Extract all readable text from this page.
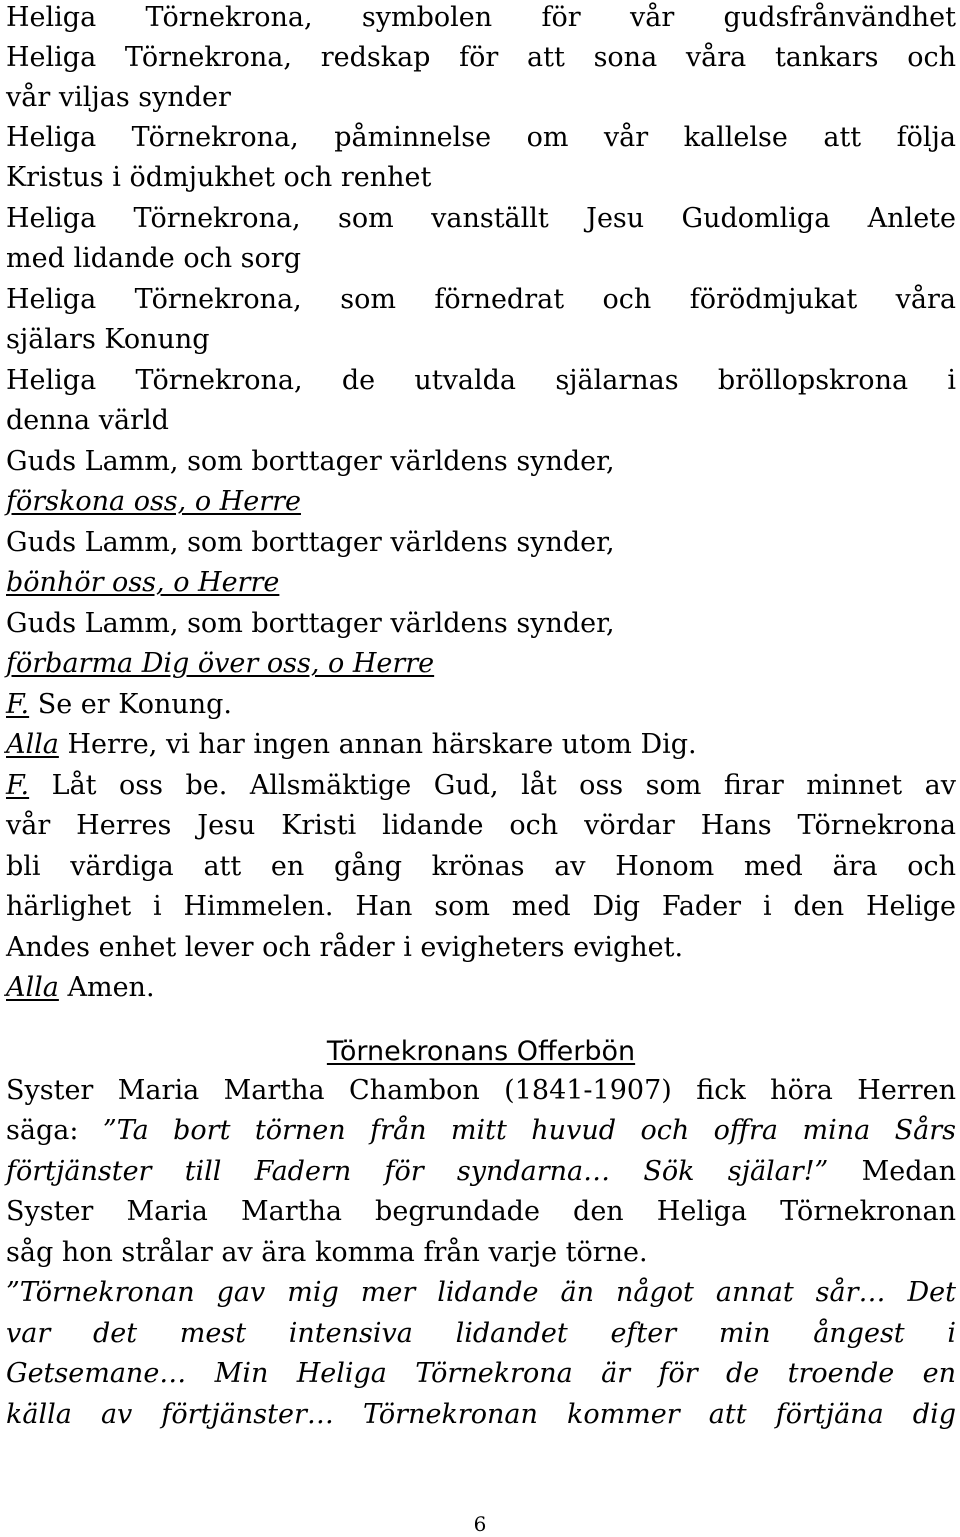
Heliga Törnekrona, symbolen för vår gudsfrånvändhet
Heliga Törnekrona, redskap för att sona våra tankars och
vår viljas synder
Heliga Törnekrona, påminnelse om vår kallelse att följa
Kristus i ödmjukhet och renhet
Heliga Törnekrona, som vanställt Jesu Gudomliga Anlete
med lidande och sorg
Heliga Törnekrona, som förnedrat och förödmjukat våra
själars Konung
Heliga Törnekrona, de utvalda själarnas bröllopskrona i
denna värld
Guds Lamm, som borttager världens synder,
förskona oss, o Herre
Guds Lamm, som borttager världens synder,
bönhör oss, o Herre
Guds Lamm, som borttager världens synder,
förbarma Dig över oss, o Herre
F. Se er Konung.
Alla Herre, vi har ingen annan härskare utom Dig.
F. Låt oss be. Allsmäktige Gud, låt oss som firar minnet av
vår Herres Jesu Kristi lidande och vördar Hans Törnekrona
bli värdiga att en gång krönas av Honom med ära och
härlighet i Himmelen. Han som med Dig Fader i den Helige
Andes enhet lever och råder i evigheters evighet.
Alla Amen.
Törnekronans Offerbön
Syster Maria Martha Chambon (1841-1907) fick höra Herren
säga: ”Ta bort törnen från mitt huvud och offra mina Sårs
förtjänster till Fadern för syndarna… Sök själar!” Medan
Syster Maria Martha begrundade den Heliga Törnekronan
såg hon strålar av ära komma från varje törne.
”Törnekronan gav mig mer lidande än något annat sår… Det
var det mest intensiva lidandet efter min ångest i
Getsemane… Min Heliga Törnekrona är för de troende en
källa av förtjänster… Törnekronan kommer att förtjäna dig
6
